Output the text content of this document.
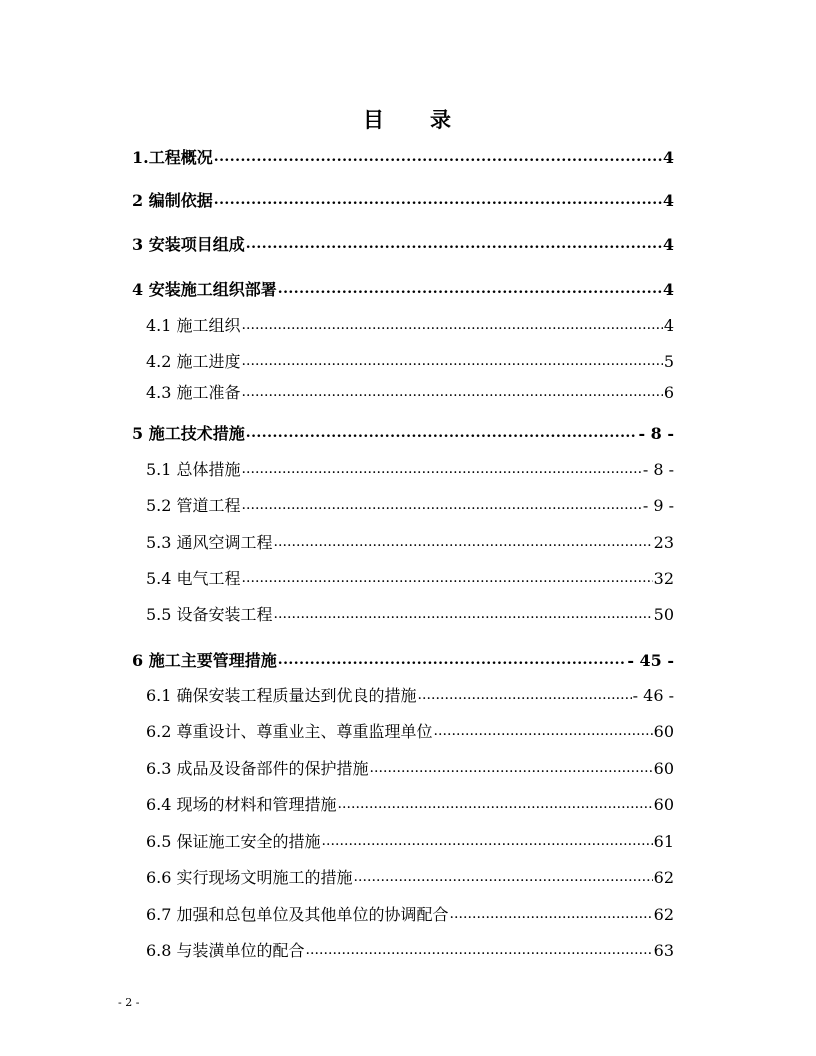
目 录
1.工程概况 . . .	4
2 编制依据 . . .	4
3 安装项目组成 . . .	4
4 安装施工组织部署 . . .	4
4.1 施工组织 . . .	4
4.2 施工进度 . . .	5
4.3 施工准备 . . .	6
5 施工技术措施 . . .	- 8 -
5.1 总体措施 . . .	- 8 -
5.2 管道工程 . . .	- 9 -
5.3 通风空调工程 . . .	23
5.4 电气工程 . . .	32
5.5 设备安装工程 . . .	50
6 施工主要管理措施 . . .	- 45 -
6.1 确保安装工程质量达到优良的措施 . . .	- 46 -
6.2 尊重设计、尊重业主、尊重监理单位 . . .	60
6.3 成品及设备部件的保护措施 . . .	60
6.4 现场的材料和管理措施 . . .	60
6.5 保证施工安全的措施 . . .	61
6.6 实行现场文明施工的措施 . . .	62
6.7 加强和总包单位及其他单位的协调配合 . . .	62
6.8 与装潢单位的配合 . . .	63
- 2 -
